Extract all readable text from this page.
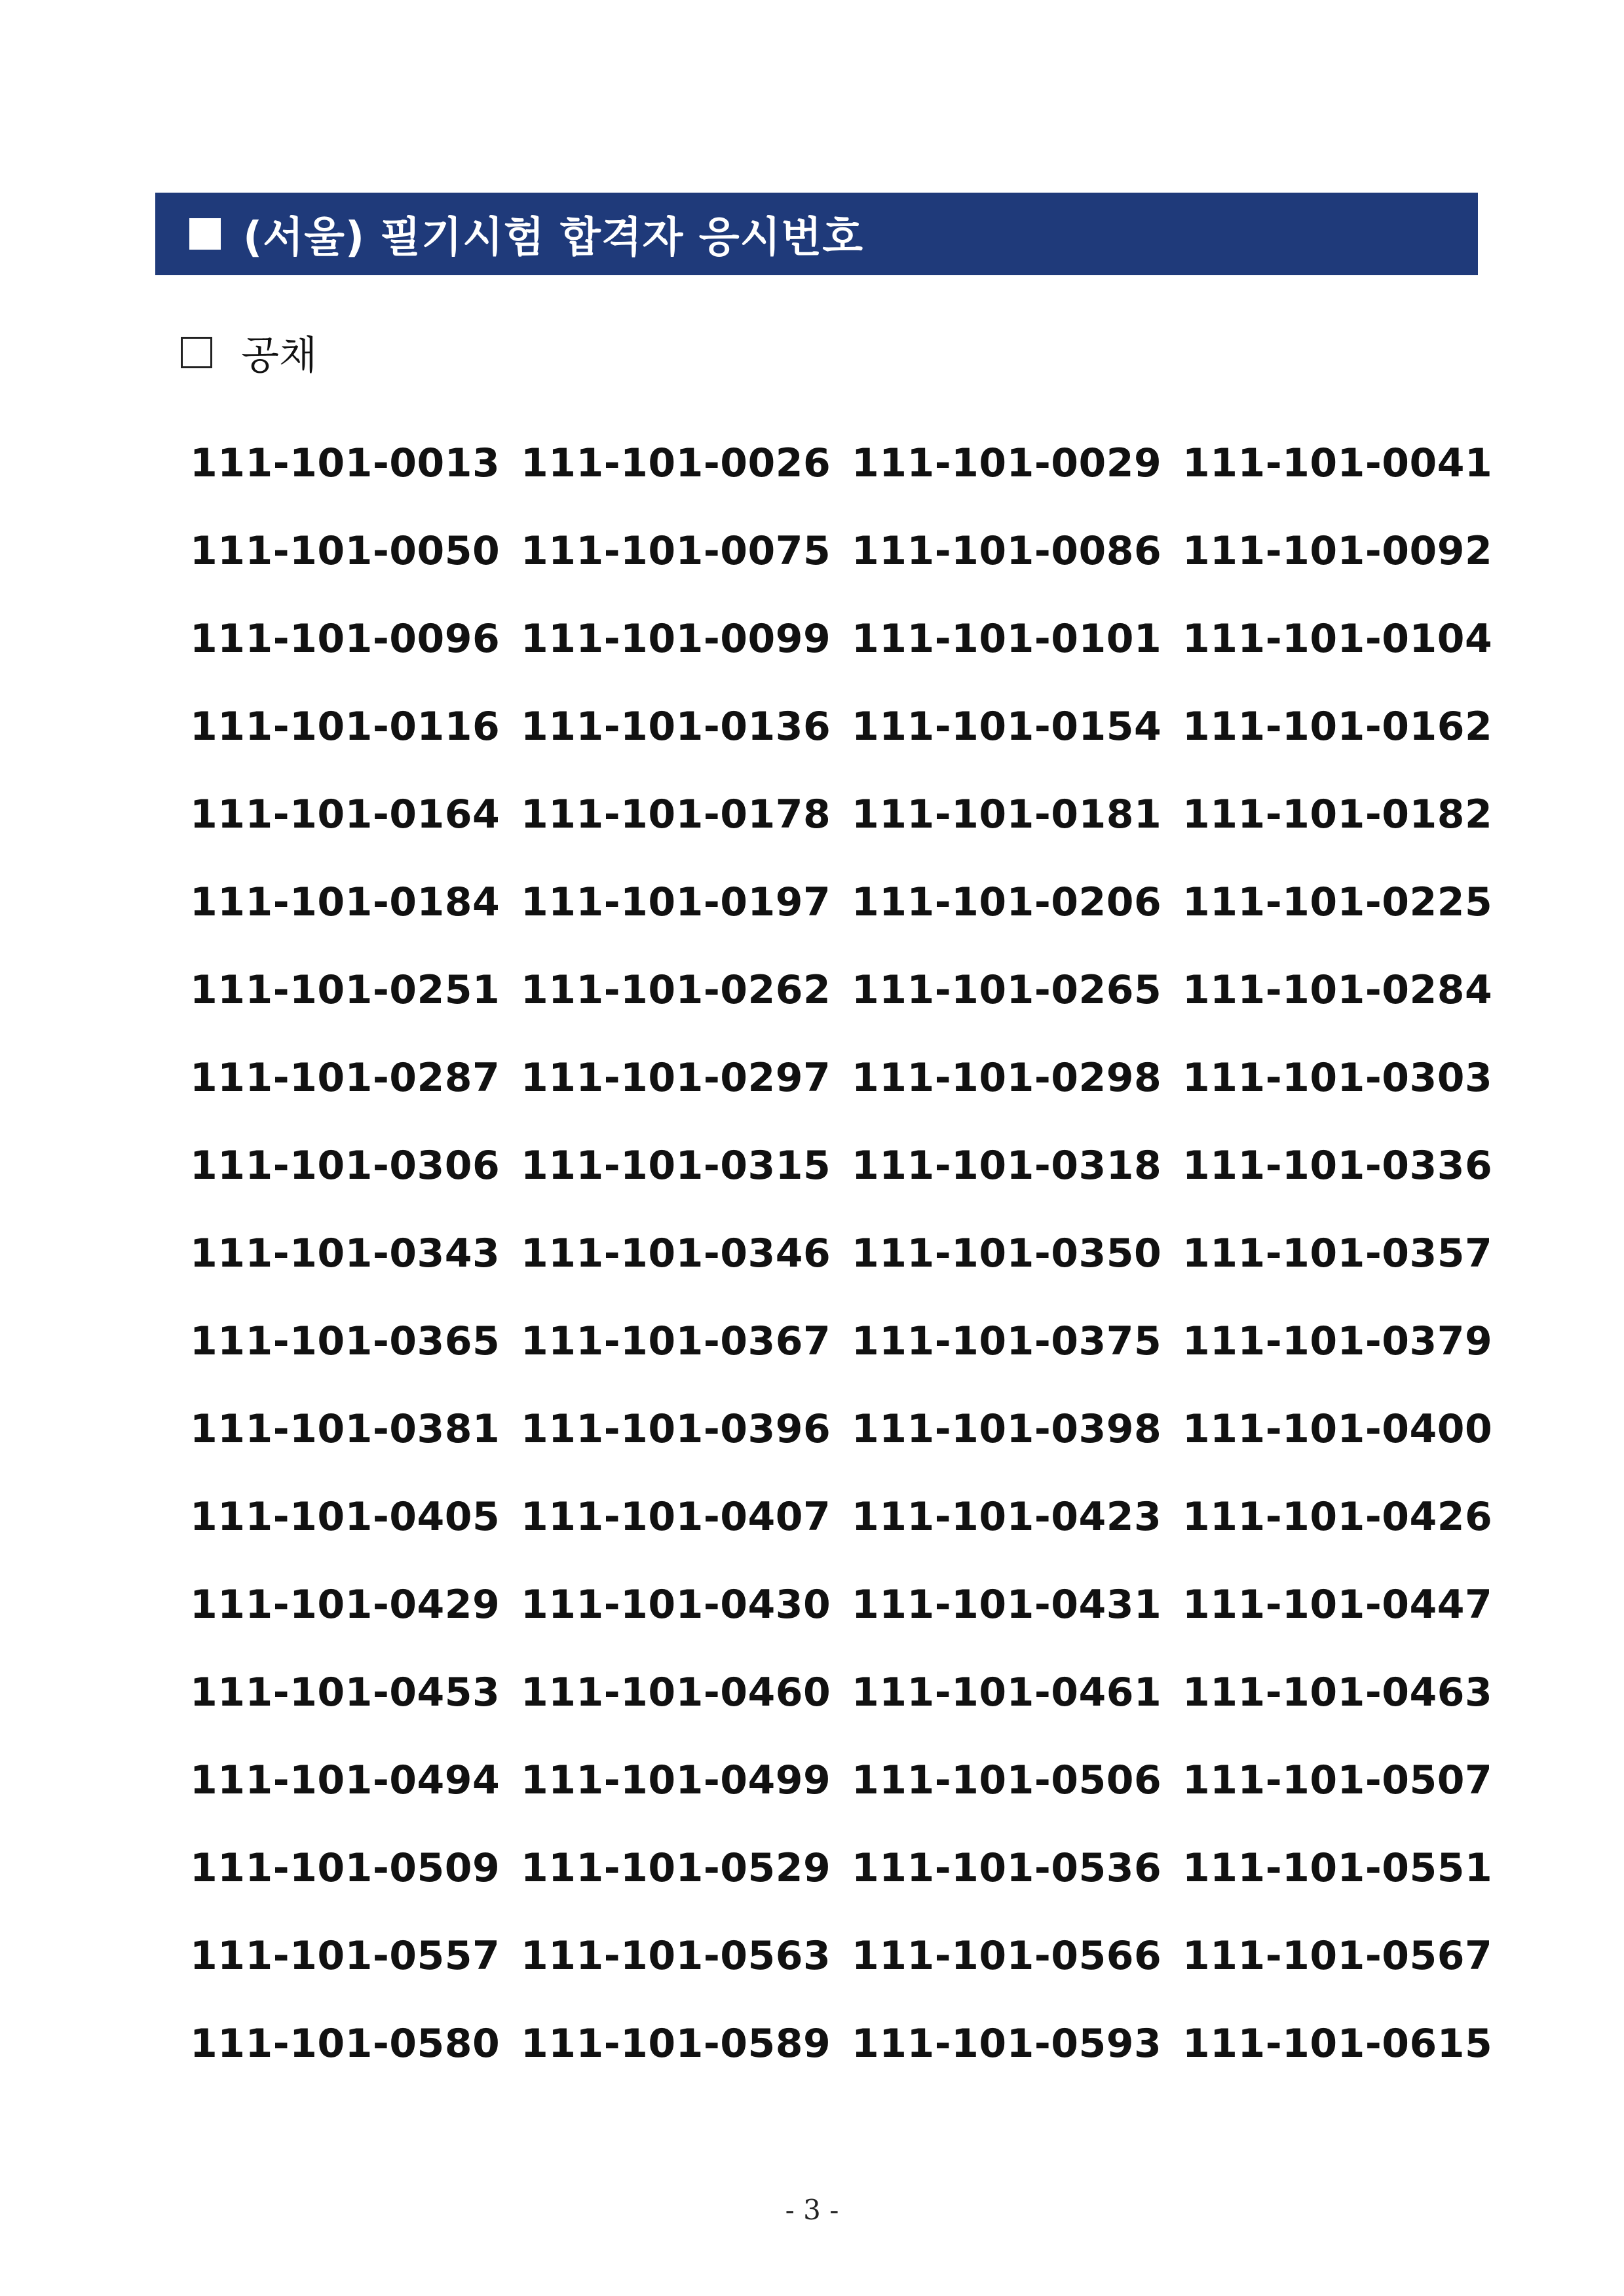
(서울) 필기시험 합격자 응시번호
공채
111-101-0013 111-101-0026 111-101-0029 111-101-0041
111-101-0050 111-101-0075 111-101-0086 111-101-0092
111-101-0096 111-101-0099 111-101-0101 111-101-0104
111-101-0116 111-101-0136 111-101-0154 111-101-0162
111-101-0164 111-101-0178 111-101-0181 111-101-0182
111-101-0184 111-101-0197 111-101-0206 111-101-0225
111-101-0251 111-101-0262 111-101-0265 111-101-0284
111-101-0287 111-101-0297 111-101-0298 111-101-0303
111-101-0306 111-101-0315 111-101-0318 111-101-0336
111-101-0343 111-101-0346 111-101-0350 111-101-0357
111-101-0365 111-101-0367 111-101-0375 111-101-0379
111-101-0381 111-101-0396 111-101-0398 111-101-0400
111-101-0405 111-101-0407 111-101-0423 111-101-0426
111-101-0429 111-101-0430 111-101-0431 111-101-0447
111-101-0453 111-101-0460 111-101-0461 111-101-0463
111-101-0494 111-101-0499 111-101-0506 111-101-0507
111-101-0509 111-101-0529 111-101-0536 111-101-0551
111-101-0557 111-101-0563 111-101-0566 111-101-0567
111-101-0580 111-101-0589 111-101-0593 111-101-0615
- 3 -
